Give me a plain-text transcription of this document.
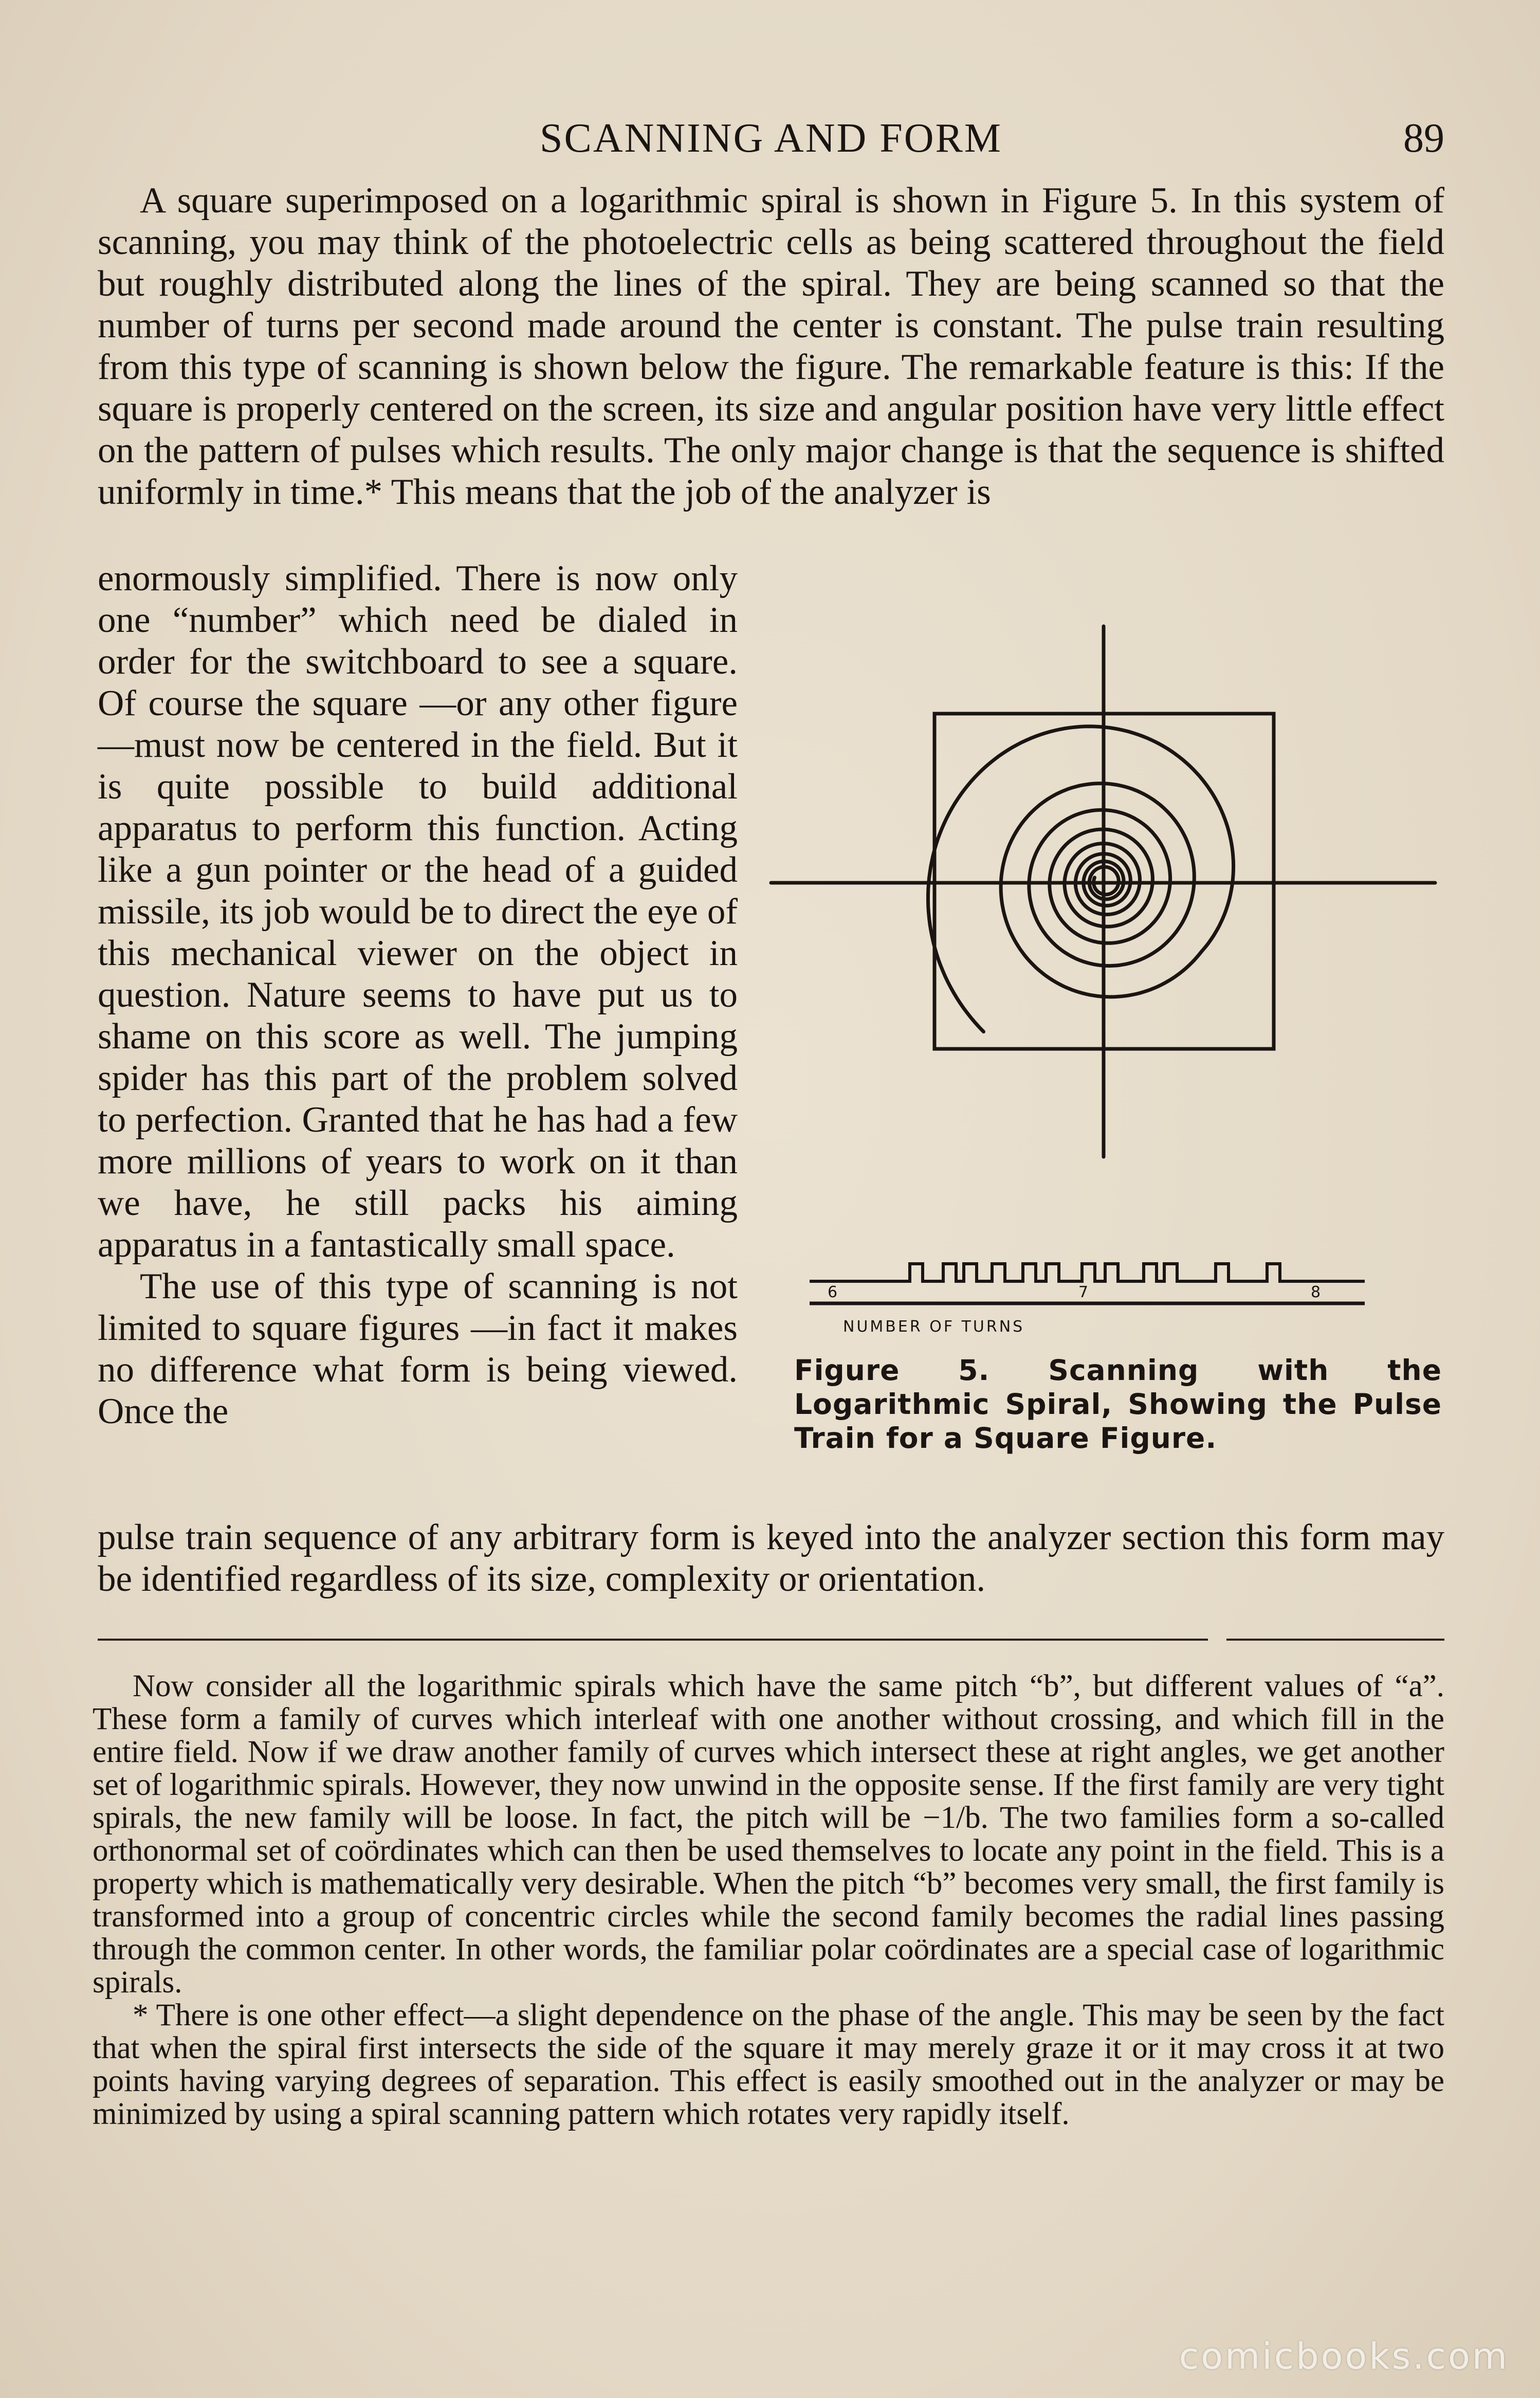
SCANNING AND FORM	89

A square superimposed on a logarithmic spiral is shown in Figure 5. In this system of scanning, you may think of the photoelectric cells as being scattered throughout the field but roughly distributed along the lines of the spiral. They are being scanned so that the number of turns per second made around the center is constant. The pulse train resulting from this type of scanning is shown below the figure. The remarkable feature is this: If the square is properly centered on the screen, its size and angular position have very little effect on the pattern of pulses which results. The only major change is that the sequence is shifted uniformly in time.* This means that the job of the analyzer is

enormously simplified. There is now only one “number” which need be dialed in order for the switchboard to see a square. Of course the square —or any other figure—must now be centered in the field. But it is quite possible to build additional apparatus to perform this function. Acting like a gun pointer or the head of a guided missile, its job would be to direct the eye of this mechanical viewer on the object in question. Nature seems to have put us to shame on this score as well. The jumping spider has this part of the problem solved to perfection. Granted that he has had a few more millions of years to work on it than we have, he still packs his aiming apparatus in a fantastically small space.

The use of this type of scanning is not limited to square figures —in fact it makes no difference what form is being viewed. Once the

6	7	8
NUMBER OF TURNS
Figure 5. Scanning with the Logarithmic Spiral, Showing the Pulse Train for a Square Figure.

pulse train sequence of any arbitrary form is keyed into the analyzer section this form may be identified regardless of its size, complexity or orientation.

Now consider all the logarithmic spirals which have the same pitch “b”, but different values of “a”. These form a family of curves which interleaf with one another without crossing, and which fill in the entire field. Now if we draw another family of curves which intersect these at right angles, we get another set of logarithmic spirals. However, they now unwind in the opposite sense. If the first family are very tight spirals, the new family will be loose. In fact, the pitch will be −1/b. The two families form a so-called orthonormal set of coördinates which can then be used themselves to locate any point in the field. This is a property which is mathematically very desirable. When the pitch “b” becomes very small, the first family is transformed into a group of concentric circles while the second family becomes the radial lines passing through the common center. In other words, the familiar polar coördinates are a special case of logarithmic spirals.

* There is one other effect—a slight dependence on the phase of the angle. This may be seen by the fact that when the spiral first intersects the side of the square it may merely graze it or it may cross it at two points having varying degrees of separation. This effect is easily smoothed out in the analyzer or may be minimized by using a spiral scanning pattern which rotates very rapidly itself.

comicbooks.com
